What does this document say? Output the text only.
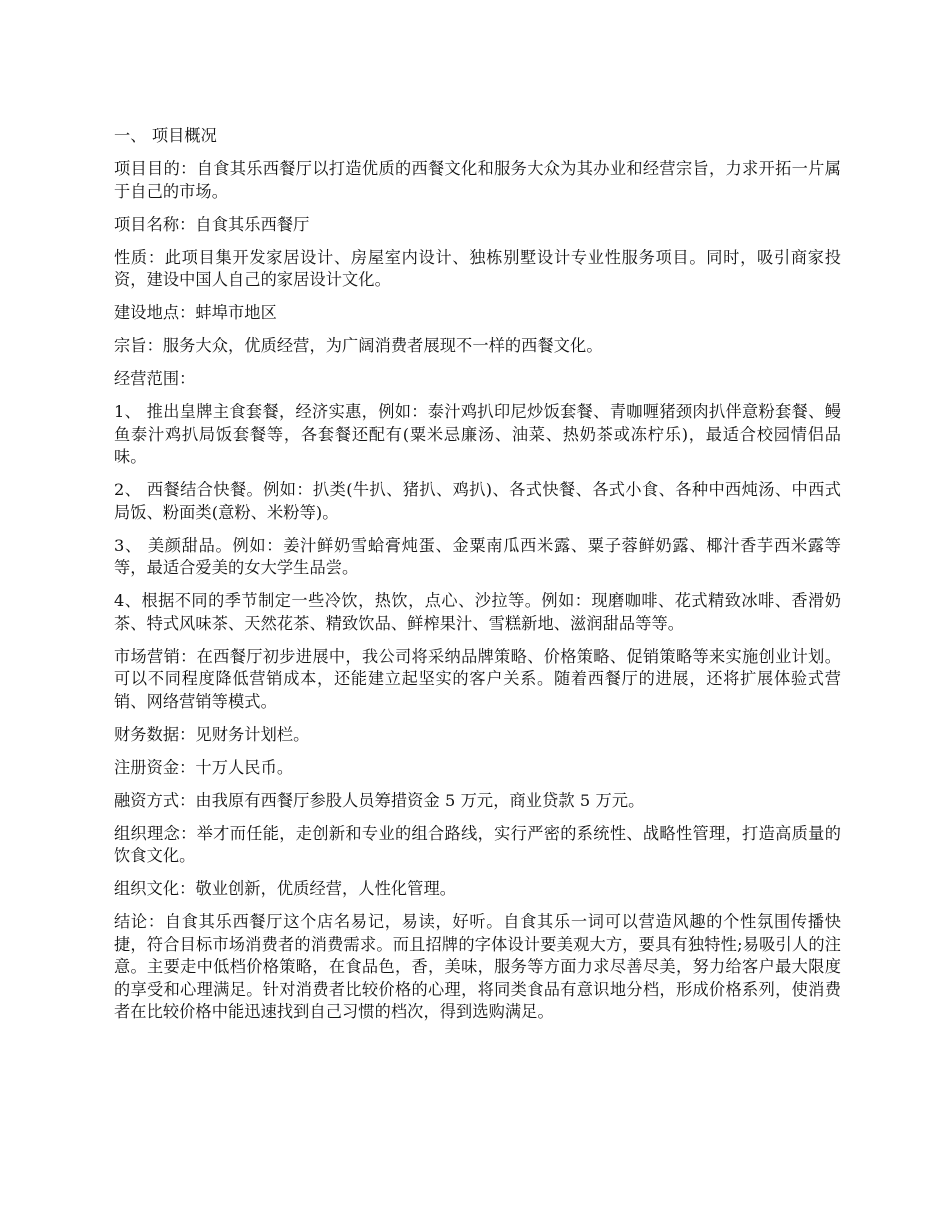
一、 项目概况

项目目的：自食其乐西餐厅以打造优质的西餐文化和服务大众为其办业和经营宗旨，力求开拓一片属于自己的市场。

项目名称：自食其乐西餐厅

性质：此项目集开发家居设计、房屋室内设计、独栋别墅设计专业性服务项目。同时，吸引商家投资，建设中国人自己的家居设计文化。

建设地点：蚌埠市地区

宗旨：服务大众，优质经营，为广阔消费者展现不一样的西餐文化。

经营范围：

1、 推出皇牌主食套餐，经济实惠，例如：泰汁鸡扒印尼炒饭套餐、青咖喱猪颈肉扒伴意粉套餐、鳗鱼泰汁鸡扒局饭套餐等，各套餐还配有(粟米忌廉汤、油菜、热奶茶或冻柠乐)，最适合校园情侣品味。

2、 西餐结合快餐。例如：扒类(牛扒、猪扒、鸡扒)、各式快餐、各式小食、各种中西炖汤、中西式局饭、粉面类(意粉、米粉等)。

3、 美颜甜品。例如：姜汁鲜奶雪蛤膏炖蛋、金粟南瓜西米露、粟子蓉鲜奶露、椰汁香芋西米露等等，最适合爱美的女大学生品尝。

4、根据不同的季节制定一些冷饮，热饮，点心、沙拉等。例如：现磨咖啡、花式精致冰啡、香滑奶茶、特式风味茶、天然花茶、精致饮品、鲜榨果汁、雪糕新地、滋润甜品等等。

市场营销：在西餐厅初步进展中，我公司将采纳品牌策略、价格策略、促销策略等来实施创业计划。可以不同程度降低营销成本，还能建立起坚实的客户关系。随着西餐厅的进展，还将扩展体验式营销、网络营销等模式。

财务数据：见财务计划栏。

注册资金：十万人民币。

融资方式：由我原有西餐厅参股人员筹措资金 5 万元，商业贷款 5 万元。

组织理念：举才而任能，走创新和专业的组合路线，实行严密的系统性、战略性管理，打造高质量的饮食文化。

组织文化：敬业创新，优质经营，人性化管理。

结论：自食其乐西餐厅这个店名易记，易读，好听。自食其乐一词可以营造风趣的个性氛围传播快捷，符合目标市场消费者的消费需求。而且招牌的字体设计要美观大方，要具有独特性;易吸引人的注意。主要走中低档价格策略，在食品色，香，美味，服务等方面力求尽善尽美，努力给客户最大限度的享受和心理满足。针对消费者比较价格的心理，将同类食品有意识地分档，形成价格系列，使消费者在比较价格中能迅速找到自己习惯的档次，得到选购满足。
